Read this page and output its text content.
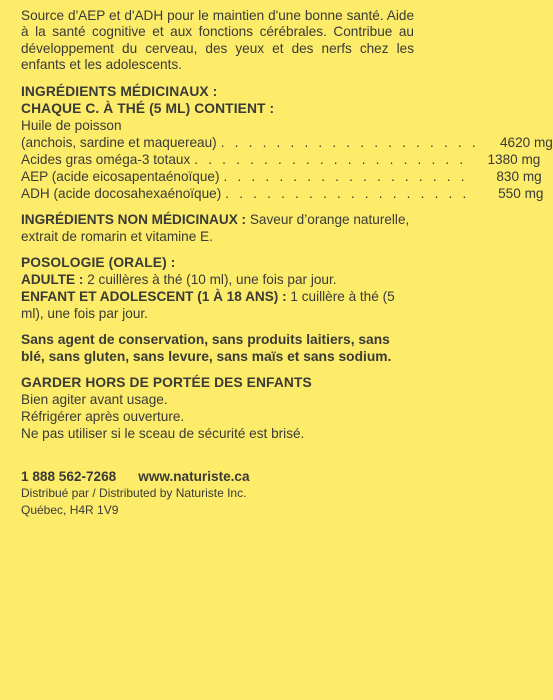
Source d'AEP et d'ADH pour le maintien d'une bonne santé. Aide à la santé cognitive et aux fonctions cérébrales. Contribue au développement du cerveau, des yeux et des nerfs chez les enfants et les adolescents.

INGRÉDIENTS MÉDICINAUX :

CHAQUE C. À THÉ (5 ML) CONTIENT :

Huile de poisson

(anchois, sardine et maquereau) . . . . . . . . . . . . . . . . . . .	4620 mg
Acides gras oméga-3 totaux . . . . . . . . . . . . . . . . . . . .	1380 mg
AEP (acide eicosapentaénoïque) . . . . . . . . . . . . . . . . . .	830 mg
ADH (acide docosahexaénoïque) . . . . . . . . . . . . . . . . . .	550 mg

INGRÉDIENTS NON MÉDICINAUX : Saveur d’orange naturelle, extrait de romarin et vitamine E.

POSOLOGIE (ORALE) :

ADULTE : 2 cuillères à thé (10 ml), une fois par jour.

ENFANT ET ADOLESCENT (1 À 18 ANS) : 1 cuillère à thé (5 ml), une fois par jour.

Sans agent de conservation, sans produits laitiers, sans blé, sans gluten, sans levure, sans maïs et sans sodium.

GARDER HORS DE PORTÉE DES ENFANTS

Bien agiter avant usage.

Réfrigérer après ouverture.

Ne pas utiliser si le sceau de sécurité est brisé.

1 888 562-7268 www.naturiste.ca

Distribué par / Distributed by Naturiste Inc.

Québec, H4R 1V9
